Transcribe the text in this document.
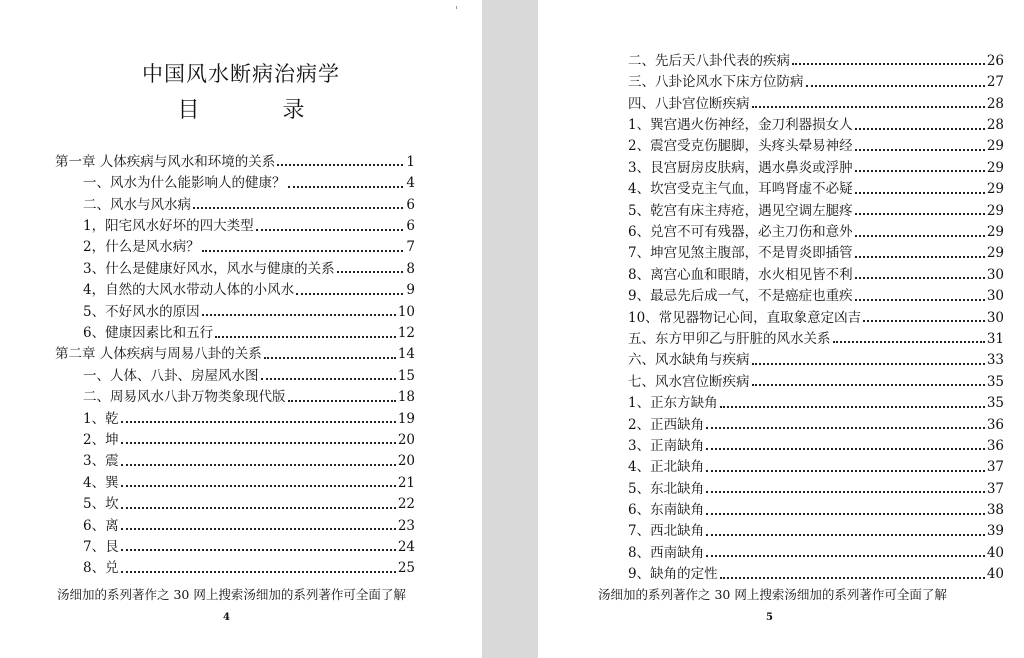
中国风水断病治病学
目 录
第一章 人体疾病与风水和环境的关系	1
一、风水为什么能影响人的健康？	4
二、风水与风水病	6
1，阳宅风水好坏的四大类型	6
2，什么是风水病？	7
3、什么是健康好风水，风水与健康的关系	8
4，自然的大风水带动人体的小风水	9
5、不好风水的原因	10
6、健康因素比和五行	12
第二章 人体疾病与周易八卦的关系	14
一、人体、八卦、房屋风水图	15
二、周易风水八卦万物类象现代版	18
1、乾	19
2、坤	20
3、震	20
4、巽	21
5、坎	22
6、离	23
7、艮	24
8、兑	25
汤细加的系列著作之 30 网上搜索汤细加的系列著作可全面了解
4
二、先后天八卦代表的疾病	26
三、八卦论风水下床方位防病	27
四、八卦宫位断疾病	28
1、巽宫遇火伤神经，金刀利器损女人	28
2、震宫受克伤腿脚，头疼头晕易神经	29
3、艮宫厨房皮肤病，遇水鼻炎或浮肿	29
4、坎宫受克主气血，耳鸣肾虚不必疑	29
5、乾宫有床主痔疮，遇见空调左腿疼	29
6、兑宫不可有残器，必主刀伤和意外	29
7、坤宫见煞主腹部，不是胃炎即插管	29
8、离宫心血和眼睛，水火相见皆不利	30
9、最忌先后成一气，不是癌症也重疾	30
10、常见器物记心间，直取象意定凶吉	30
五、东方甲卯乙与肝脏的风水关系	31
六、风水缺角与疾病	33
七、风水宫位断疾病	35
1、正东方缺角	35
2、正西缺角	36
3、正南缺角	36
4、正北缺角	37
5、东北缺角	37
6、东南缺角	38
7、西北缺角	39
8、西南缺角	40
9、缺角的定性	40
汤细加的系列著作之 30 网上搜索汤细加的系列著作可全面了解
5
